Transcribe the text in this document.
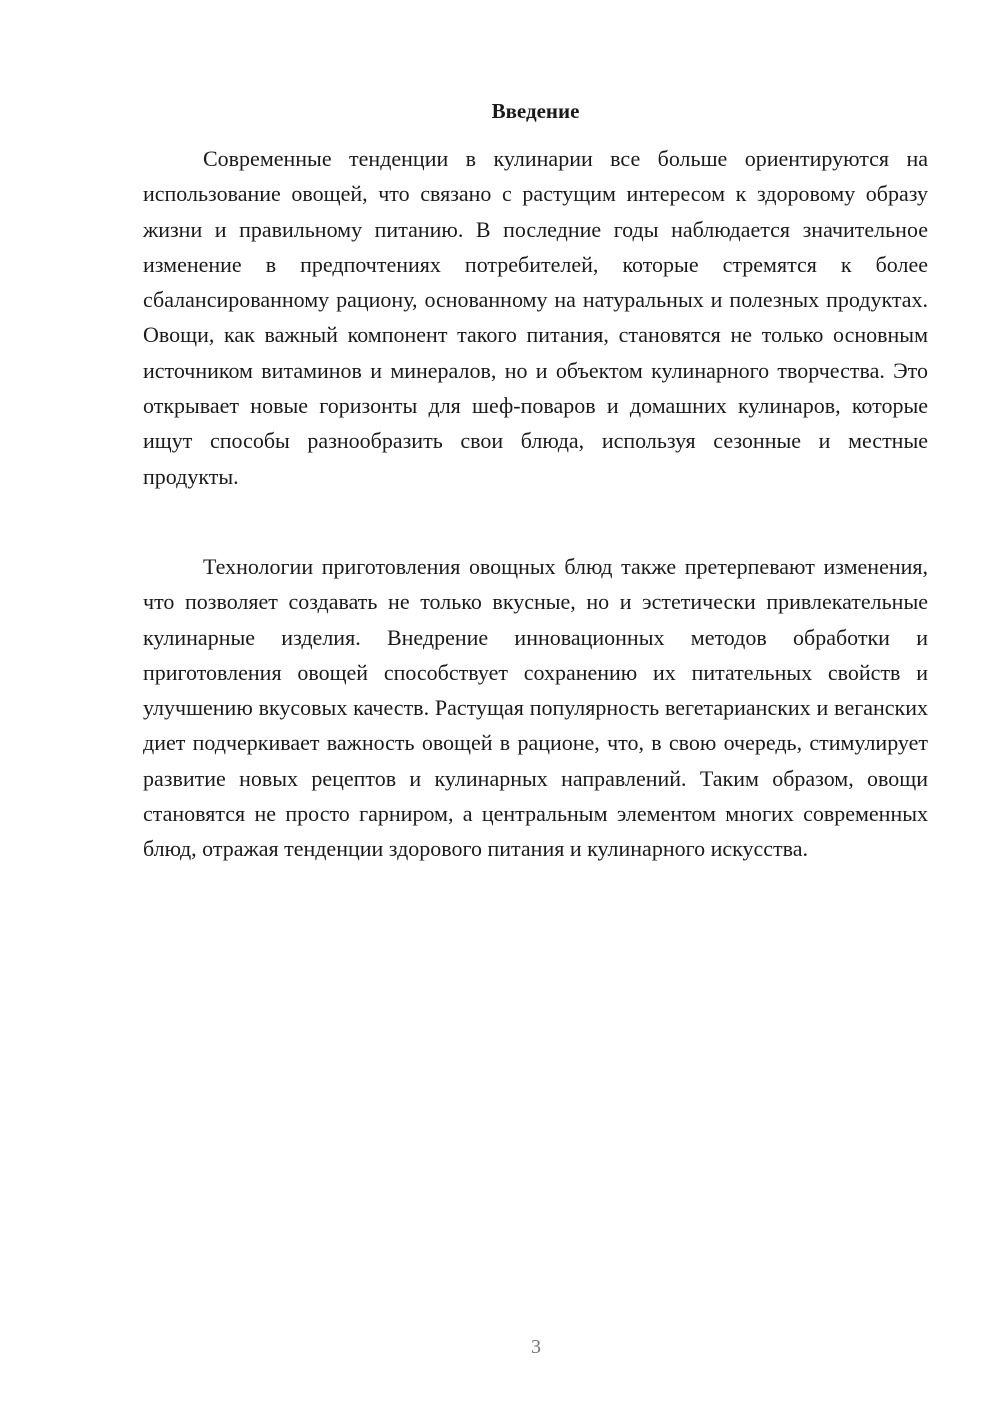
Введение

Современные тенденции в кулинарии все больше ориентируются на использование овощей, что связано с растущим интересом к здоровому образу жизни и правильному питанию. В последние годы наблюдается значительное изменение в предпочтениях потребителей, которые стремятся к более сбалансированному рациону, основанному на натуральных и полезных продуктах. Овощи, как важный компонент такого питания, становятся не только основным источником витаминов и минералов, но и объектом кулинарного творчества. Это открывает новые горизонты для шеф-поваров и домашних кулинаров, которые ищут способы разнообразить свои блюда, используя сезонные и местные продукты.

Технологии приготовления овощных блюд также претерпевают изменения, что позволяет создавать не только вкусные, но и эстетически привлекательные кулинарные изделия. Внедрение инновационных методов обработки и приготовления овощей способствует сохранению их питательных свойств и улучшению вкусовых качеств. Растущая популярность вегетарианских и веганских диет подчеркивает важность овощей в рационе, что, в свою очередь, стимулирует развитие новых рецептов и кулинарных направлений. Таким образом, овощи становятся не просто гарниром, а центральным элементом многих современных блюд, отражая тенденции здорового питания и кулинарного искусства.

3
